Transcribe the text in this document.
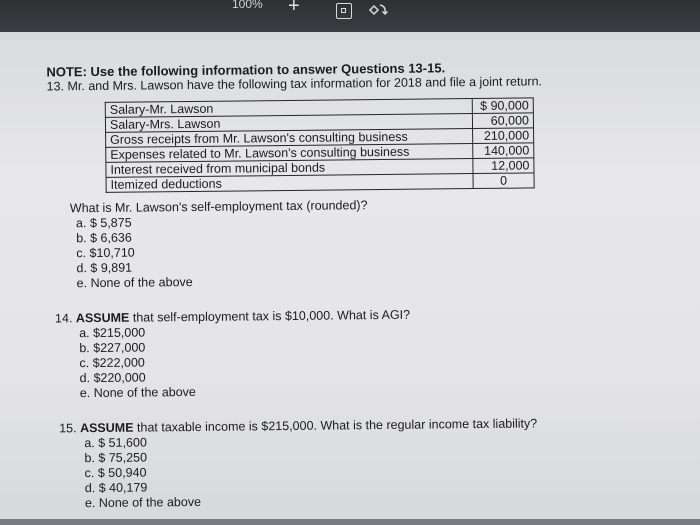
100% +
NOTE: Use the following information to answer Questions 13-15.
13. Mr. and Mrs. Lawson have the following tax information for 2018 and file a joint return.
Salary-Mr. Lawson	$ 90,000
Salary-Mrs. Lawson	60,000
Gross receipts from Mr. Lawson's consulting business	210,000
Expenses related to Mr. Lawson's consulting business	140,000
Interest received from municipal bonds	12,000
Itemized deductions	0
What is Mr. Lawson's self-employment tax (rounded)?
a. $ 5,875
b. $ 6,636
c. $10,710
d. $ 9,891
e. None of the above
14. ASSUME that self-employment tax is $10,000. What is AGI?
a. $215,000
b. $227,000
c. $222,000
d. $220,000
e. None of the above
15. ASSUME that taxable income is $215,000. What is the regular income tax liability?
a. $ 51,600
b. $ 75,250
c. $ 50,940
d. $ 40,179
e. None of the above
